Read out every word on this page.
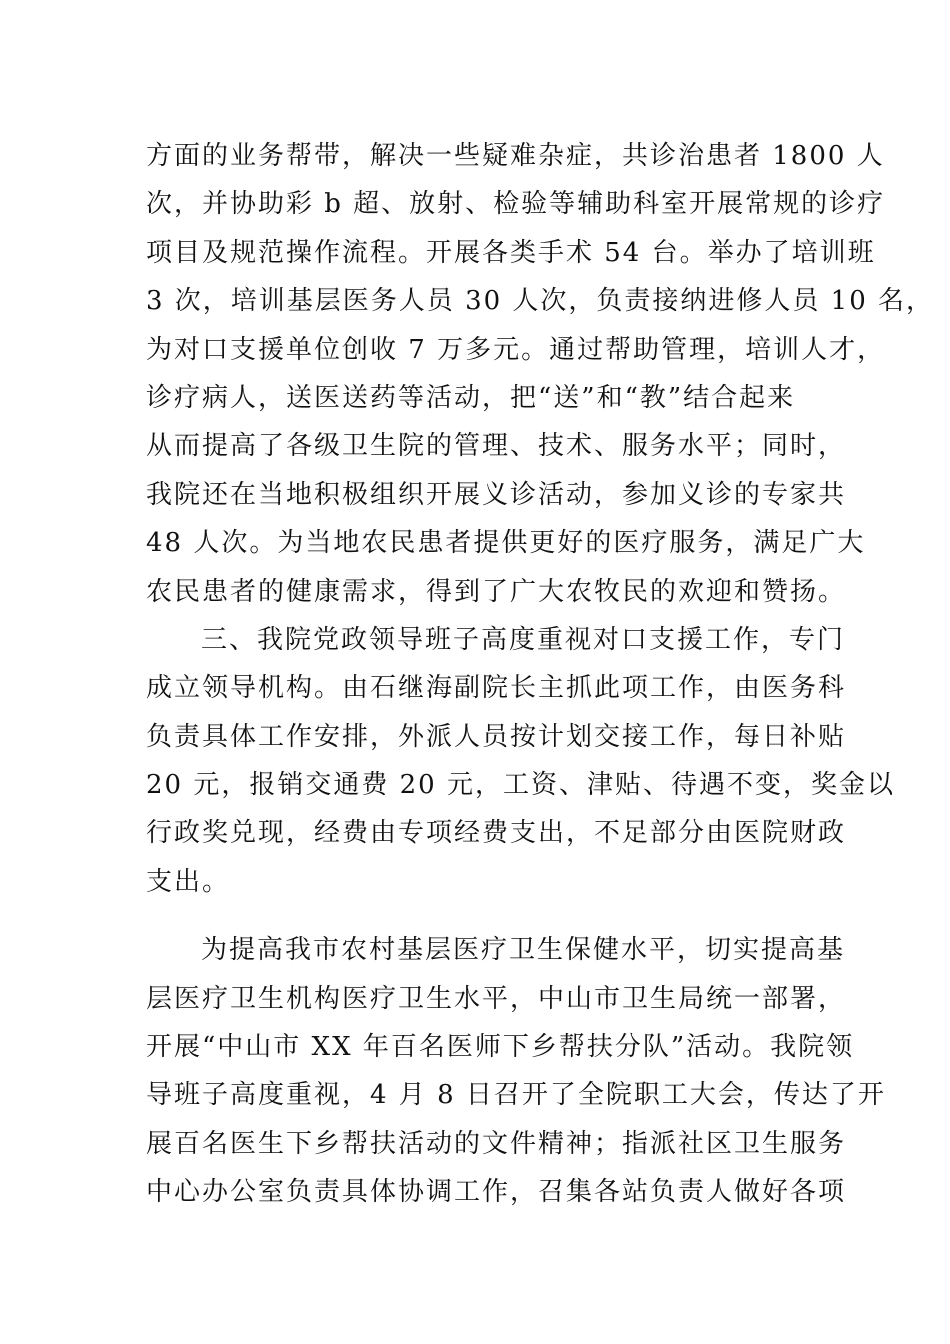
方面的业务帮带，解决一些疑难杂症，共诊治患者 1800 人
次，并协助彩 b 超、放射、检验等辅助科室开展常规的诊疗
项目及规范操作流程。开展各类手术 54 台。举办了培训班
3 次，培训基层医务人员 30 人次，负责接纳进修人员 10 名，
为对口支援单位创收 7 万多元。通过帮助管理，培训人才，
诊疗病人，送医送药等活动，把“送”和“教”结合起来
从而提高了各级卫生院的管理、技术、服务水平；同时，
我院还在当地积极组织开展义诊活动，参加义诊的专家共
48 人次。为当地农民患者提供更好的医疗服务，满足广大
农民患者的健康需求，得到了广大农牧民的欢迎和赞扬。
三、我院党政领导班子高度重视对口支援工作，专门
成立领导机构。由石继海副院长主抓此项工作，由医务科
负责具体工作安排，外派人员按计划交接工作，每日补贴
20 元，报销交通费 20 元，工资、津贴、待遇不变，奖金以
行政奖兑现，经费由专项经费支出，不足部分由医院财政
支出。
为提高我市农村基层医疗卫生保健水平，切实提高基
层医疗卫生机构医疗卫生水平，中山市卫生局统一部署，
开展“中山市 XX 年百名医师下乡帮扶分队”活动。我院领
导班子高度重视，4 月 8 日召开了全院职工大会，传达了开
展百名医生下乡帮扶活动的文件精神；指派社区卫生服务
中心办公室负责具体协调工作，召集各站负责人做好各项
